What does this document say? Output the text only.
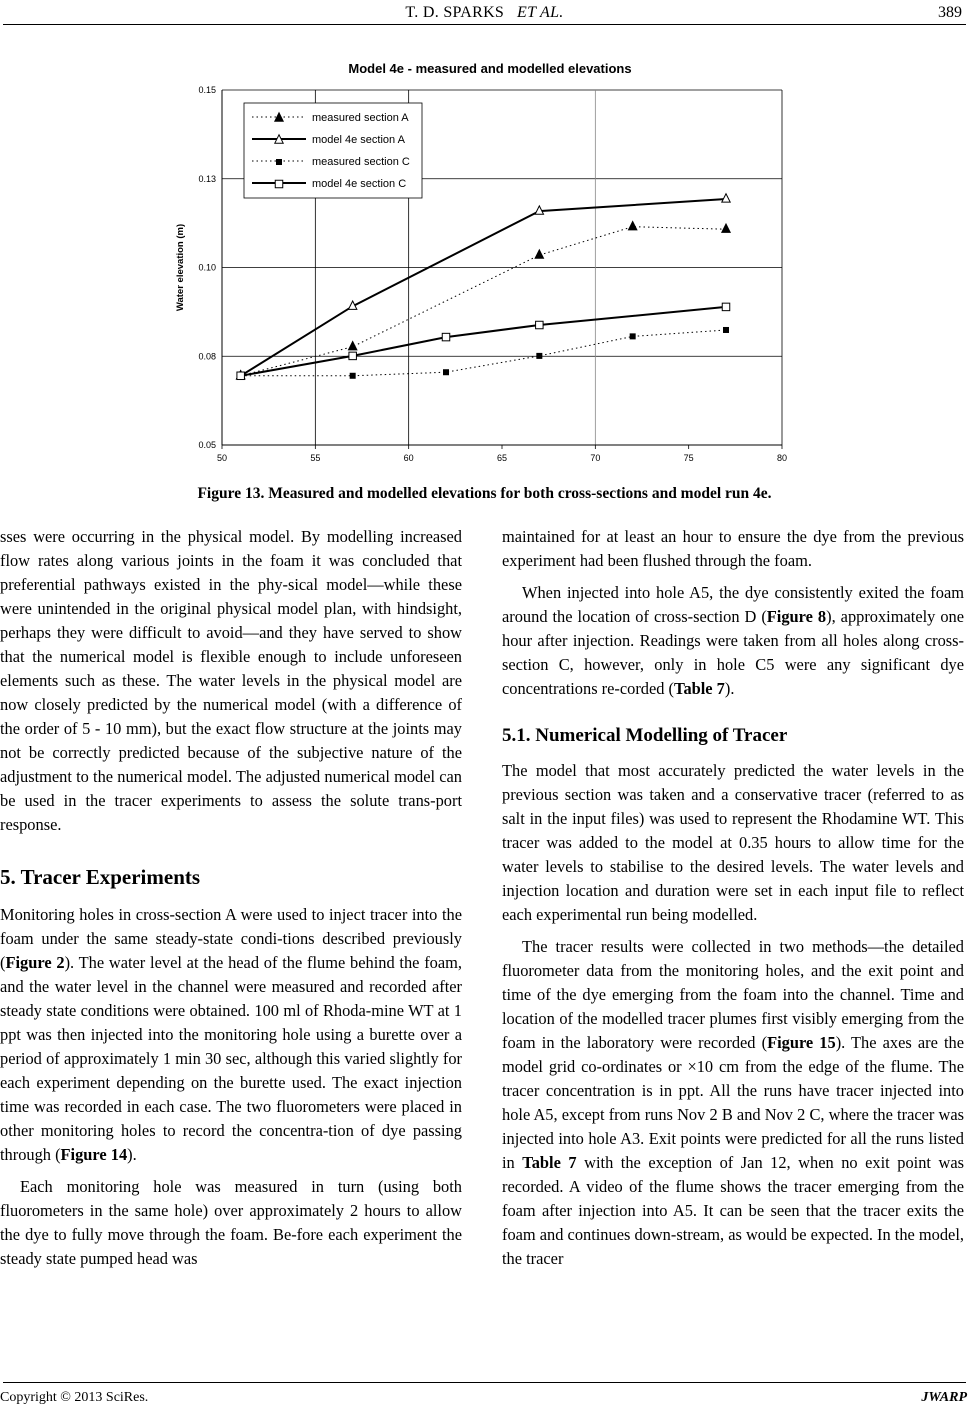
T. D. SPARKS ET AL.	389
Model 4e - measured and modelled elevations
Water elevation (m)
0.05
0.08
0.10
0.13
0.15
50	55	60	65	70	75	80
measured section A
model 4e section A
measured section C
model 4e section C
Figure 13. Measured and modelled elevations for both cross-sections and model run 4e.

sses were occurring in the physical model. By modelling increased flow rates along various joints in the foam it was concluded that preferential pathways existed in the phy-sical model—while these were unintended in the original physical model plan, with hindsight, perhaps they were difficult to avoid—and they have served to show that the numerical model is flexible enough to include unforeseen elements such as these. The water levels in the physical model are now closely predicted by the numerical model (with a difference of the order of 5 - 10 mm), but the exact flow structure at the joints may not be correctly predicted because of the subjective nature of the adjustment to the numerical model. The adjusted numerical model can be used in the tracer experiments to assess the solute trans-port response.

5. Tracer Experiments

Monitoring holes in cross-section A were used to inject tracer into the foam under the same steady-state condi-tions described previously (Figure 2). The water level at the head of the flume behind the foam, and the water level in the channel were measured and recorded after steady state conditions were obtained. 100 ml of Rhoda-mine WT at 1 ppt was then injected into the monitoring hole using a burette over a period of approximately 1 min 30 sec, although this varied slightly for each experiment depending on the burette used. The exact injection time was recorded in each case. The two fluorometers were placed in other monitoring holes to record the concentra-tion of dye passing through (Figure 14).

Each monitoring hole was measured in turn (using both fluorometers in the same hole) over approximately 2 hours to allow the dye to fully move through the foam. Be-fore each experiment the steady state pumped head was

maintained for at least an hour to ensure the dye from the previous experiment had been flushed through the foam.

When injected into hole A5, the dye consistently exited the foam around the location of cross-section D (Figure 8), approximately one hour after injection. Readings were taken from all holes along cross-section C, however, only in hole C5 were any significant dye concentrations re-corded (Table 7).

5.1. Numerical Modelling of Tracer

The model that most accurately predicted the water levels in the previous section was taken and a conservative tracer (referred to as salt in the input files) was used to represent the Rhodamine WT. This tracer was added to the model at 0.35 hours to allow time for the water levels to stabilise to the desired levels. The water levels and injection location and duration were set in each input file to reflect each experimental run being modelled.

The tracer results were collected in two methods—the detailed fluorometer data from the monitoring holes, and the exit point and time of the dye emerging from the foam into the channel. Time and location of the modelled tracer plumes first visibly emerging from the foam in the laboratory were recorded (Figure 15). The axes are the model grid co-ordinates or ×10 cm from the edge of the flume. The tracer concentration is in ppt. All the runs have tracer injected into hole A5, except from runs Nov 2 B and Nov 2 C, where the tracer was injected into hole A3. Exit points were predicted for all the runs listed in Table 7 with the exception of Jan 12, when no exit point was recorded. A video of the flume shows the tracer emerging from the foam after injection into A5. It can be seen that the tracer exits the foam and continues down-stream, as would be expected. In the model, the tracer

Copyright © 2013 SciRes.	JWARP
